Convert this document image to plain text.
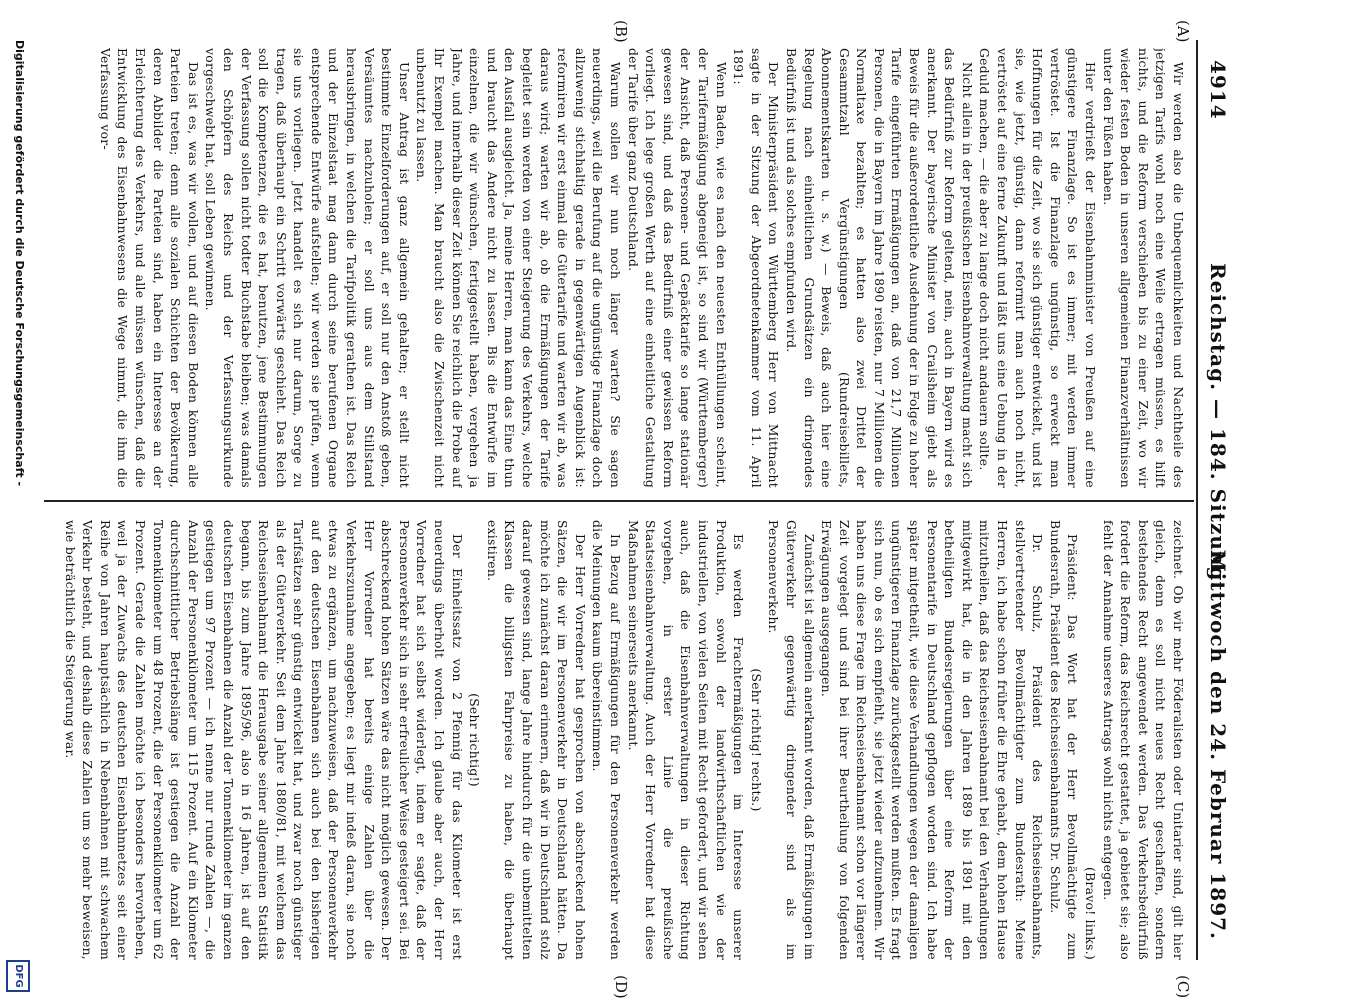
4914                  Reichstag. — 184. Sitzung.
Mittwoch den 24. Februar 1897.
(A)
(B)
(C)
(D)

Wir werden also die Unbequemlichkeiten und Nachtheile des jetzigen Tarifs wohl noch eine Weile ertragen müssen, es hilft nichts, und die Reform verschieben bis zu einer Zeit, wo wir wieder festen Boden in unseren allgemeinen Finanzverhältnissen unter den Füßen haben.

Hier verdrießt der Eisenbahnminister von Preußen auf eine günstigere Finanzlage. So ist es immer; mit werden immer vertröstet. Ist die Finanzlage ungünstig, so erweckt man Hoffnungen für die Zeit, wo sie sich günstiger entwickelt, und ist sie, wie jetzt, günstig, dann reformirt man auch noch nicht, vertröstet auf eine ferne Zukunft und läßt uns eine Uebung in der Geduld machen, — die aber zu lange doch nicht andauern sollte.

Nicht allein in der preußischen Eisenbahnverwaltung macht sich das Bedürfniß zur Reform geltend, nein, auch in Bayern wird es anerkannt. Der bayerische Minister von Crailsheim giebt als Beweis für die außerordentliche Ausdehnung der in Folge zu hoher Tarife eingeführten Ermäßigungen an, daß von 21,7 Millionen Personen, die in Bayern im Jahre 1890 reisten, nur 7 Millionen die Normaltaxe bezahlten; es hatten also zwei Drittel der Gesammtzahl Vergünstigungen (Rundreisebillets, Abonnementskarten u. s. w.) — Beweis, daß auch hier eine Regelung nach einheitlichen Grundsätzen ein dringendes Bedürfniß ist und als solches empfunden wird.

Der Ministerpräsident von Württemberg Herr von Mittnacht sagte in der Sitzung der Abgeordnetenkammer vom 11. April 1891:

Wenn Baden, wie es nach den neuesten Enthüllungen scheint, der Tarifermäßigung abgeneigt ist, so sind wir (Württemberger) der Ansicht, daß Personen- und Gepäcktarife so lange stationär gewesen sind, und daß das Bedürfniß einer gewissen Reform vorliegt. Ich lege großen Werth auf eine einheitliche Gestaltung der Tarife über ganz Deutschland.

Warum sollen wir nun noch länger warten? Sie sagen neuerdings, weil die Berufung auf die ungünstige Finanzlage doch allzuwenig stichhaltig gerade in gegenwärtigen Augenblick ist: reformiren wir erst einmal die Gütertarife und warten wir ab, was daraus wird; warten wir ab, ob die Ermäßigungen der Tarife begleitet sein werden von einer Steigerung des Verkehrs, welche den Ausfall ausgleicht. Ja, meine Herren, man kann das Eine thun und braucht das Andere nicht zu lassen. Bis die Entwürfe im einzelnen, die wir wünschen, fertiggestellt haben, vergehen ja Jahre, und innerhalb dieser Zeit können Sie reichlich die Probe auf Ihr Exempel machen. Man braucht also die Zwischenzeit nicht unbenutzt zu lassen.

Unser Antrag ist ganz allgemein gehalten; er stellt nicht bestimmte Einzelforderungen auf, er soll nur den Anstoß geben, Versäumtes nachzuholen; er soll uns aus dem Stillstand herausbringen, in welchen die Tarifpolitik gerathen ist. Das Reich und der Einzelstaat mag dann durch seine berufenen Organe entsprechende Entwürfe aufstellen; wir werden sie prüfen, wenn sie uns vorliegen. Jetzt handelt es sich nur darum, Sorge zu tragen, daß überhaupt ein Schritt vorwärts geschieht. Das Reich soll die Kompetenzen, die es hat, benutzen, jene Bestimmungen der Verfassung sollen nicht todter Buchstabe bleiben; was damals den Schöpfern des Reichs und der Verfassungsurkunde vorgeschwebt hat, soll Leben gewinnen.

Das ist es, was wir wollen, und auf diesen Boden können alle Parteien treten; denn alle sozialen Schichten der Bevölkerung, deren Abbilder die Parteien sind, haben ein Interesse an der Erleichterung des Verkehrs, und alle müssen wünschen, daß die Entwicklung des Eisenbahnwesens die Wege nimmt, die ihm die Verfassung vor-

zeichnet. Ob wir mehr Föderalisten oder Unitarier sind, gilt hier gleich, denn es soll nicht neues Recht geschaffen, sondern bestehendes Recht angewendet werden. Das Verkehrsbedürfniß fordert die Reform, das Reichsrecht gestattet, ja gebietet sie; also fehlt der Annahme unseres Antrags wohl nichts entgegen.

(Bravo! links.)

Präsident: Das Wort hat der Herr Bevollmächtigte zum Bundesrath, Präsident des Reichseisenbahnamts Dr. Schulz.

Dr. Schulz, Präsident des Reichseisenbahnamts, stellvertretender Bevollmächtigter zum Bundesrath: Meine Herren, ich habe schon früher die Ehre gehabt, dem hohen Hause mitzutheilen, daß das Reichseisenbahnamt bei den Verhandlungen mitgewirkt hat, die in den Jahren 1889 bis 1891 mit den betheiligten Bundesregierungen über eine Reform der Personentarife in Deutschland gepflogen worden sind. Ich habe später mitgetheilt, wie diese Verhandlungen wegen der damaligen ungünstigeren Finanzlage zurückgestellt werden mußten. Es fragt sich nun, ob es sich empfiehlt, sie jetzt wieder aufzunehmen. Wir haben uns diese Frage im Reichseisenbahnamt schon vor längerer Zeit vorgelegt und sind bei ihrer Beurtheilung von folgenden Erwägungen ausgegangen.

Zunächst ist allgemein anerkannt worden, daß Ermäßigungen im Güterverkehr gegenwärtig dringender sind als im Personenverkehr.

(Sehr richtig! rechts.)

Es werden Frachtermäßigungen im Interesse unserer Produktion, sowohl der landwirthschaftlichen wie der industriellen, von vielen Seiten mit Recht gefordert, und wir sehen auch, daß die Eisenbahnverwaltungen in dieser Richtung vorgehen, in erster Linie die preußische Staatseisenbahnverwaltung. Auch der Herr Vorredner hat diese Maßnahmen seinerseits anerkannt.

In Bezug auf Ermäßigungen für den Personenverkehr werden die Meinungen kaum übereinstimmen.

Der Herr Vorredner hat gesprochen von abschreckend hohen Sätzen, die wir im Personenverkehr in Deutschland hätten. Da möchte ich zunächst daran erinnern, daß wir in Deutschland stolz darauf gewesen sind, lange Jahre hindurch für die unbemittelten Klassen die billigsten Fahrpreise zu haben, die überhaupt existiren.

(Sehr richtig!)

Der Einheitssatz von 2 Pfennig für das Kilometer ist erst neuerdings überholt worden. Ich glaube aber auch, der Herr Vorredner hat sich selbst widerlegt, indem er sagte, daß der Personenverkehr sich in sehr erfreulicher Weise gesteigert sei. Bei abschreckend hohen Sätzen wäre das nicht möglich gewesen. Der Herr Vorredner hat bereits einige Zahlen über die Verkehrszunahme angegeben; es liegt mir indeß daran, sie noch etwas zu ergänzen, um nachzuweisen, daß der Personenverkehr auf den deutschen Eisenbahnen sich auch bei den bisherigen Tarifsätzen sehr günstig entwickelt hat, und zwar noch günstiger als der Güterverkehr. Seit dem Jahre 1880/81, mit welchem das Reichseisenbahnamt die Herausgabe seiner allgemeinen Statistik begann, bis zum Jahre 1895/96, also in 16 Jahren, ist auf den deutschen Eisenbahnen die Anzahl der Tonnenkilometer im ganzen gestiegen um 97 Prozent — ich nenne nur runde Zahlen —, die Anzahl der Personenkilometer um 115 Prozent. Auf ein Kilometer durchschnittlicher Betriebslänge ist gestiegen die Anzahl der Tonnenkilometer um 48 Prozent, die der Personenkilometer um 62 Prozent. Gerade die Zahlen möchte ich besonders hervorheben, weil ja der Zuwachs des deutschen Eisenbahnnetzes seit einer Reihe von Jahren hauptsächlich in Nebenbahnen mit schwachem Verkehr besteht, und deshalb diese Zahlen um so mehr beweisen, wie beträchtlich die Steigerung war.

Digitalisierung gefördert durch die Deutsche Forschungsgemeinschaft -
DFG
